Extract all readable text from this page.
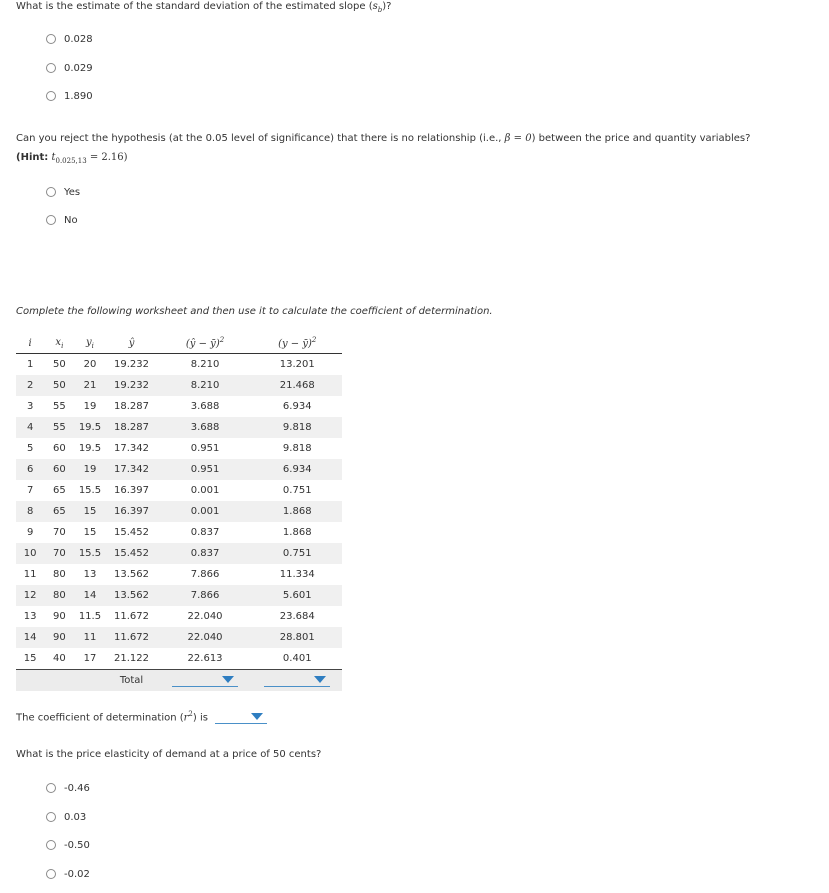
What is the estimate of the standard deviation of the estimated slope $(s_b)$?
0.028
0.029
1.890
Can you reject the hypothesis (at the 0.05 level of significance) that there is no relationship (i.e., β = 0) between the price and quantity variables?
(Hint: $t_{0.025,13} = 2.16$)
Yes
No
Complete the following worksheet and then use it to calculate the coefficient of determination.
i	$x_i$	$y_i$	ŷ	(ŷ − ȳ)$^2$	(y − ȳ)$^2$
1	50	20	19.232	8.210	13.201
2	50	21	19.232	8.210	21.468
3	55	19	18.287	3.688	6.934
4	55	19.5	18.287	3.688	9.818
5	60	19.5	17.342	0.951	9.818
6	60	19	17.342	0.951	6.934
7	65	15.5	16.397	0.001	0.751
8	65	15	16.397	0.001	1.868
9	70	15	15.452	0.837	1.868
10	70	15.5	15.452	0.837	0.751
11	80	13	13.562	7.866	11.334
12	80	14	13.562	7.866	5.601
13	90	11.5	11.672	22.040	23.684
14	90	11	11.672	22.040	28.801
15	40	17	21.122	22.613	0.401
			Total	

The coefficient of determination $(r^2)$ is
What is the price elasticity of demand at a price of 50 cents?
-0.46
0.03
-0.50
-0.02
